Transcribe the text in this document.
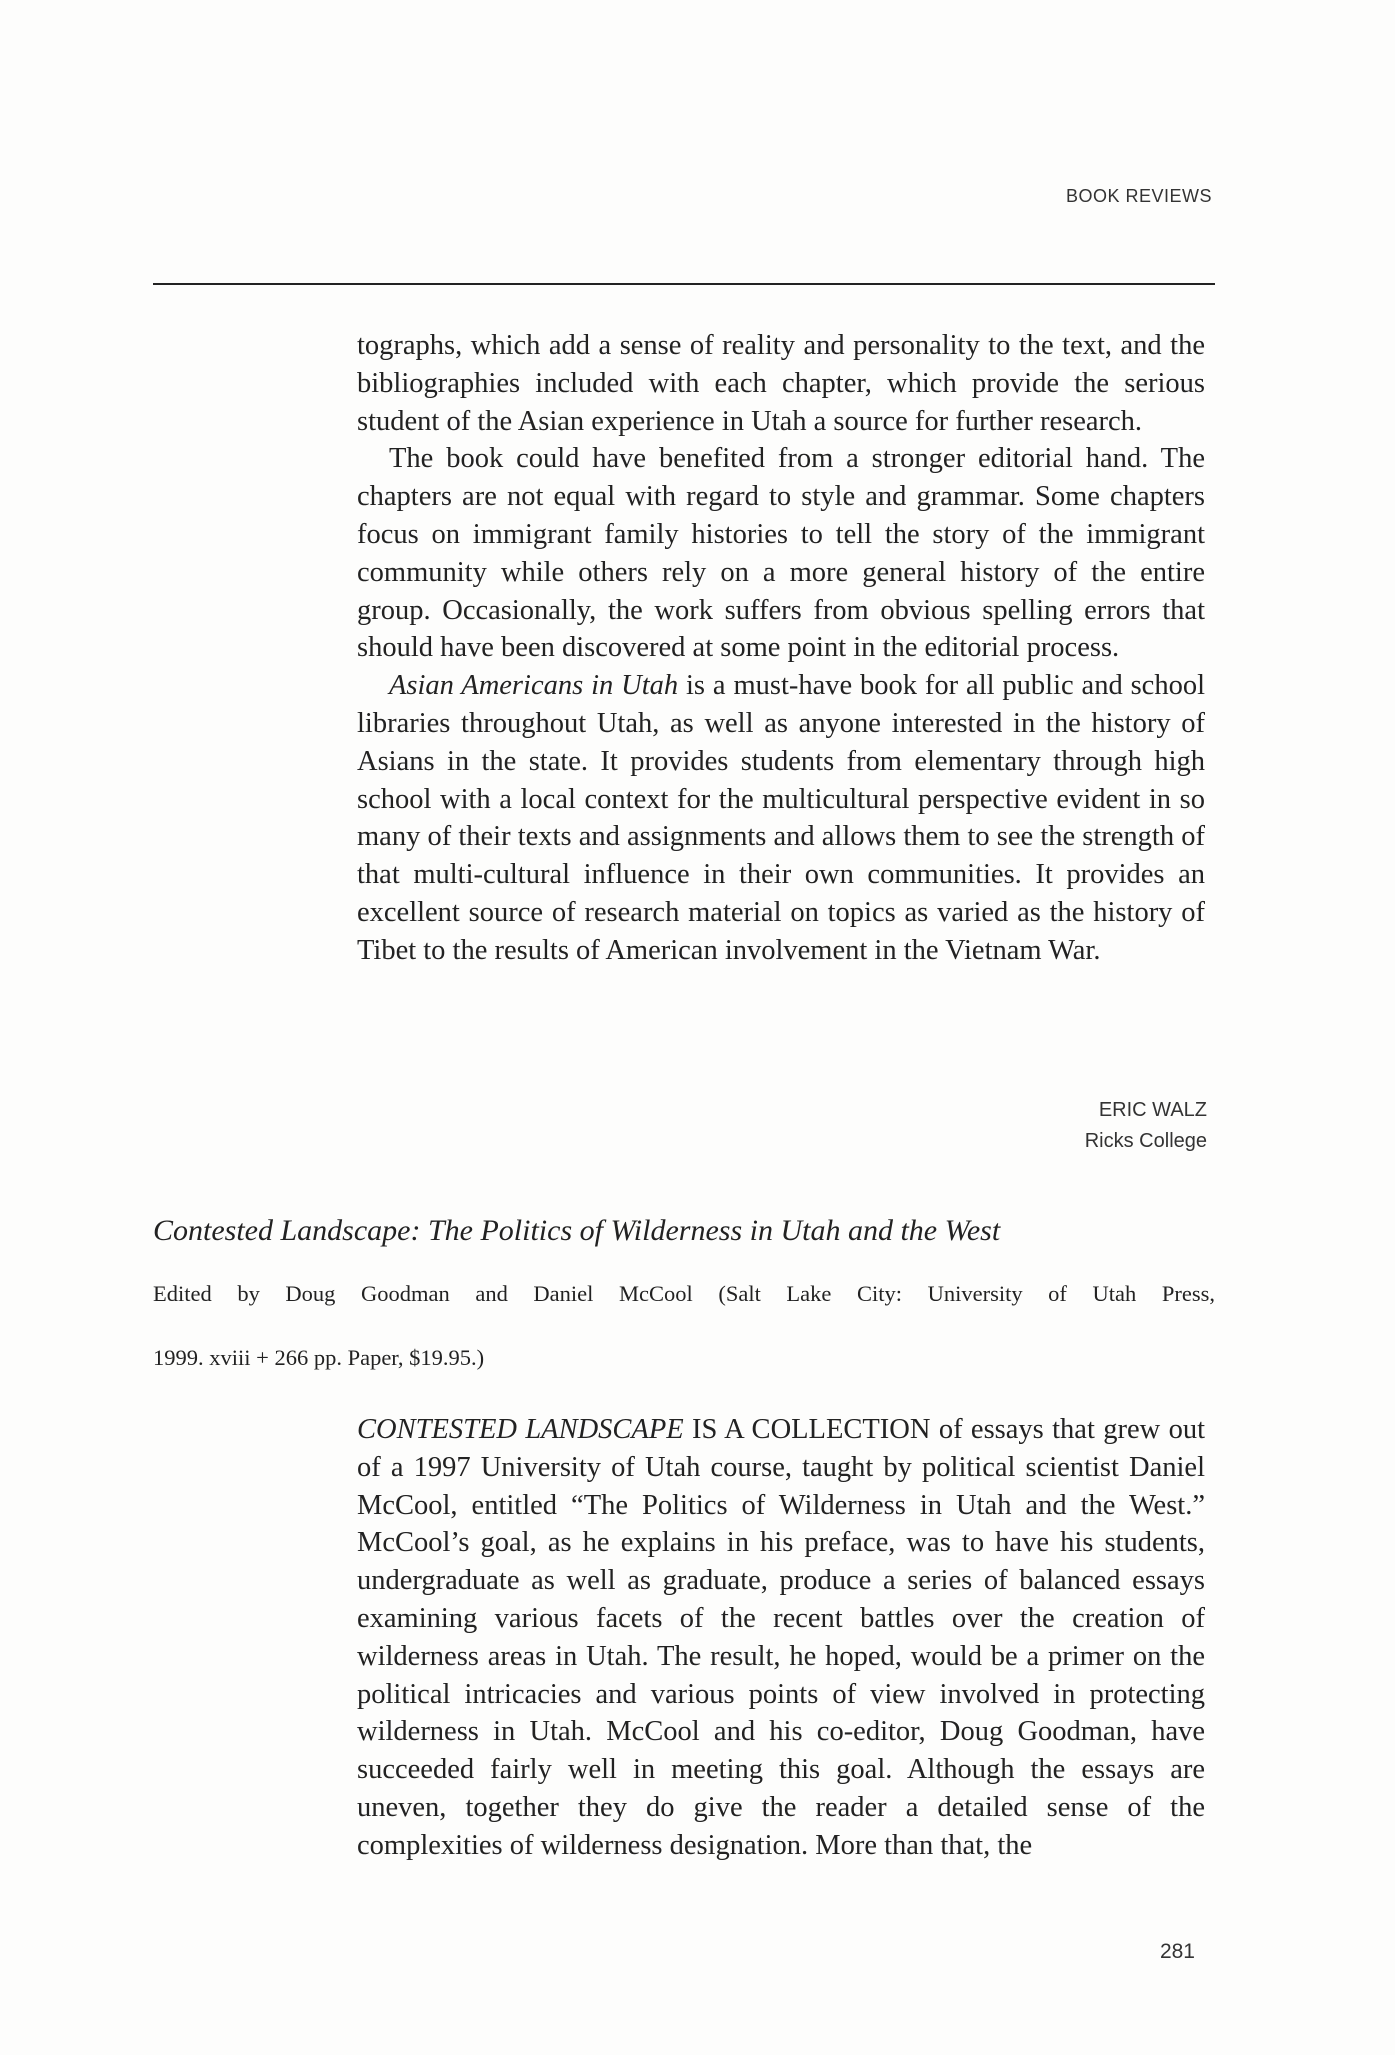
BOOK REVIEWS

tographs, which add a sense of reality and personality to the text, and the bibliographies included with each chapter, which provide the serious student of the Asian experience in Utah a source for further research.

The book could have benefited from a stronger editorial hand. The chapters are not equal with regard to style and grammar. Some chapters focus on immigrant family histories to tell the story of the immigrant community while others rely on a more general history of the entire group. Occasionally, the work suffers from obvious spelling errors that should have been discovered at some point in the editorial process.

Asian Americans in Utah is a must-have book for all public and school libraries throughout Utah, as well as anyone interested in the history of Asians in the state. It provides students from elementary through high school with a local context for the multicultural perspective evident in so many of their texts and assignments and allows them to see the strength of that multi-cultural influence in their own communities. It provides an excellent source of research material on topics as varied as the history of Tibet to the results of American involvement in the Vietnam War.

ERIC WALZ
Ricks College
Contested Landscape: The Politics of Wilderness in Utah and the West
Edited by Doug Goodman and Daniel McCool (Salt Lake City: University of Utah Press,
1999. xviii + 266 pp. Paper, $19.95.)

CONTESTED LANDSCAPE IS A COLLECTION of essays that grew out of a 1997 University of Utah course, taught by political scientist Daniel McCool, entitled “The Politics of Wilderness in Utah and the West.” McCool’s goal, as he explains in his preface, was to have his students, undergraduate as well as graduate, produce a series of balanced essays examining various facets of the recent battles over the creation of wilderness areas in Utah. The result, he hoped, would be a primer on the political intricacies and various points of view involved in protecting wilderness in Utah. McCool and his co-editor, Doug Goodman, have succeeded fairly well in meeting this goal. Although the essays are uneven, together they do give the reader a detailed sense of the complexities of wilderness designation. More than that, the

281
